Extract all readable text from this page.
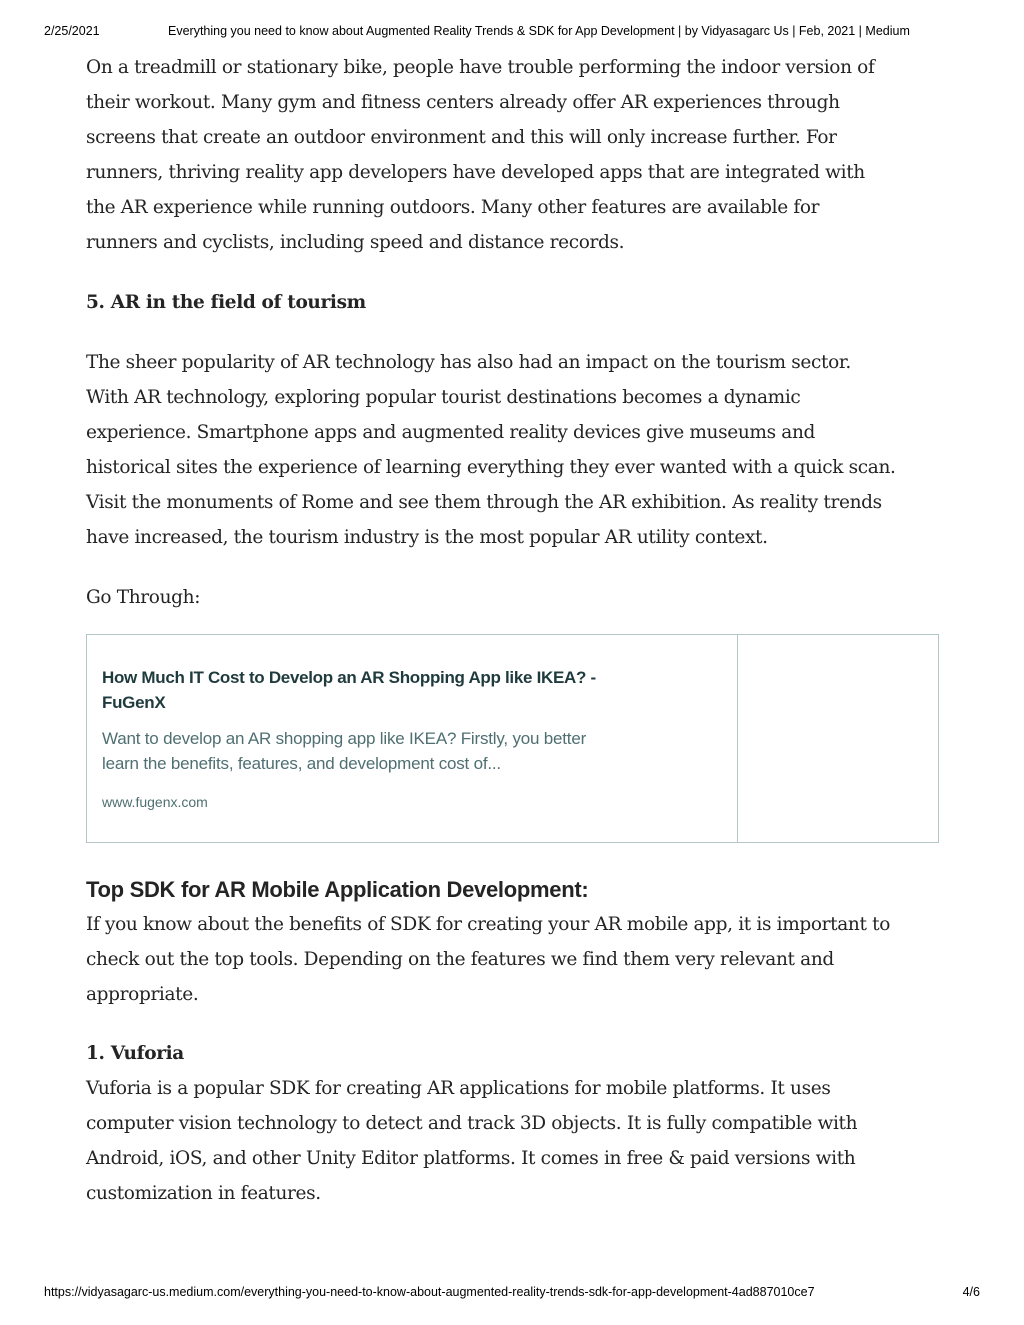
2/25/2021	Everything you need to know about Augmented Reality Trends & SDK for App Development | by Vidyasagarc Us | Feb, 2021 | Medium

On a treadmill or stationary bike, people have trouble performing the indoor version of
their workout. Many gym and fitness centers already offer AR experiences through
screens that create an outdoor environment and this will only increase further. For
runners, thriving reality app developers have developed apps that are integrated with
the AR experience while running outdoors. Many other features are available for
runners and cyclists, including speed and distance records.

5. AR in the field of tourism

The sheer popularity of AR technology has also had an impact on the tourism sector.
With AR technology, exploring popular tourist destinations becomes a dynamic
experience. Smartphone apps and augmented reality devices give museums and
historical sites the experience of learning everything they ever wanted with a quick scan.
Visit the monuments of Rome and see them through the AR exhibition. As reality trends
have increased, the tourism industry is the most popular AR utility context.

Go Through:

How Much IT Cost to Develop an AR Shopping App like IKEA? -
FuGenX
Want to develop an AR shopping app like IKEA? Firstly, you better
learn the benefits, features, and development cost of...
www.fugenx.com
Top SDK for AR Mobile Application Development:

If you know about the benefits of SDK for creating your AR mobile app, it is important to
check out the top tools. Depending on the features we find them very relevant and
appropriate.

1. Vuforia

Vuforia is a popular SDK for creating AR applications for mobile platforms. It uses
computer vision technology to detect and track 3D objects. It is fully compatible with
Android, iOS, and other Unity Editor platforms. It comes in free & paid versions with
customization in features.

https://vidyasagarc-us.medium.com/everything-you-need-to-know-about-augmented-reality-trends-sdk-for-app-development-4ad887010ce7	4/6
